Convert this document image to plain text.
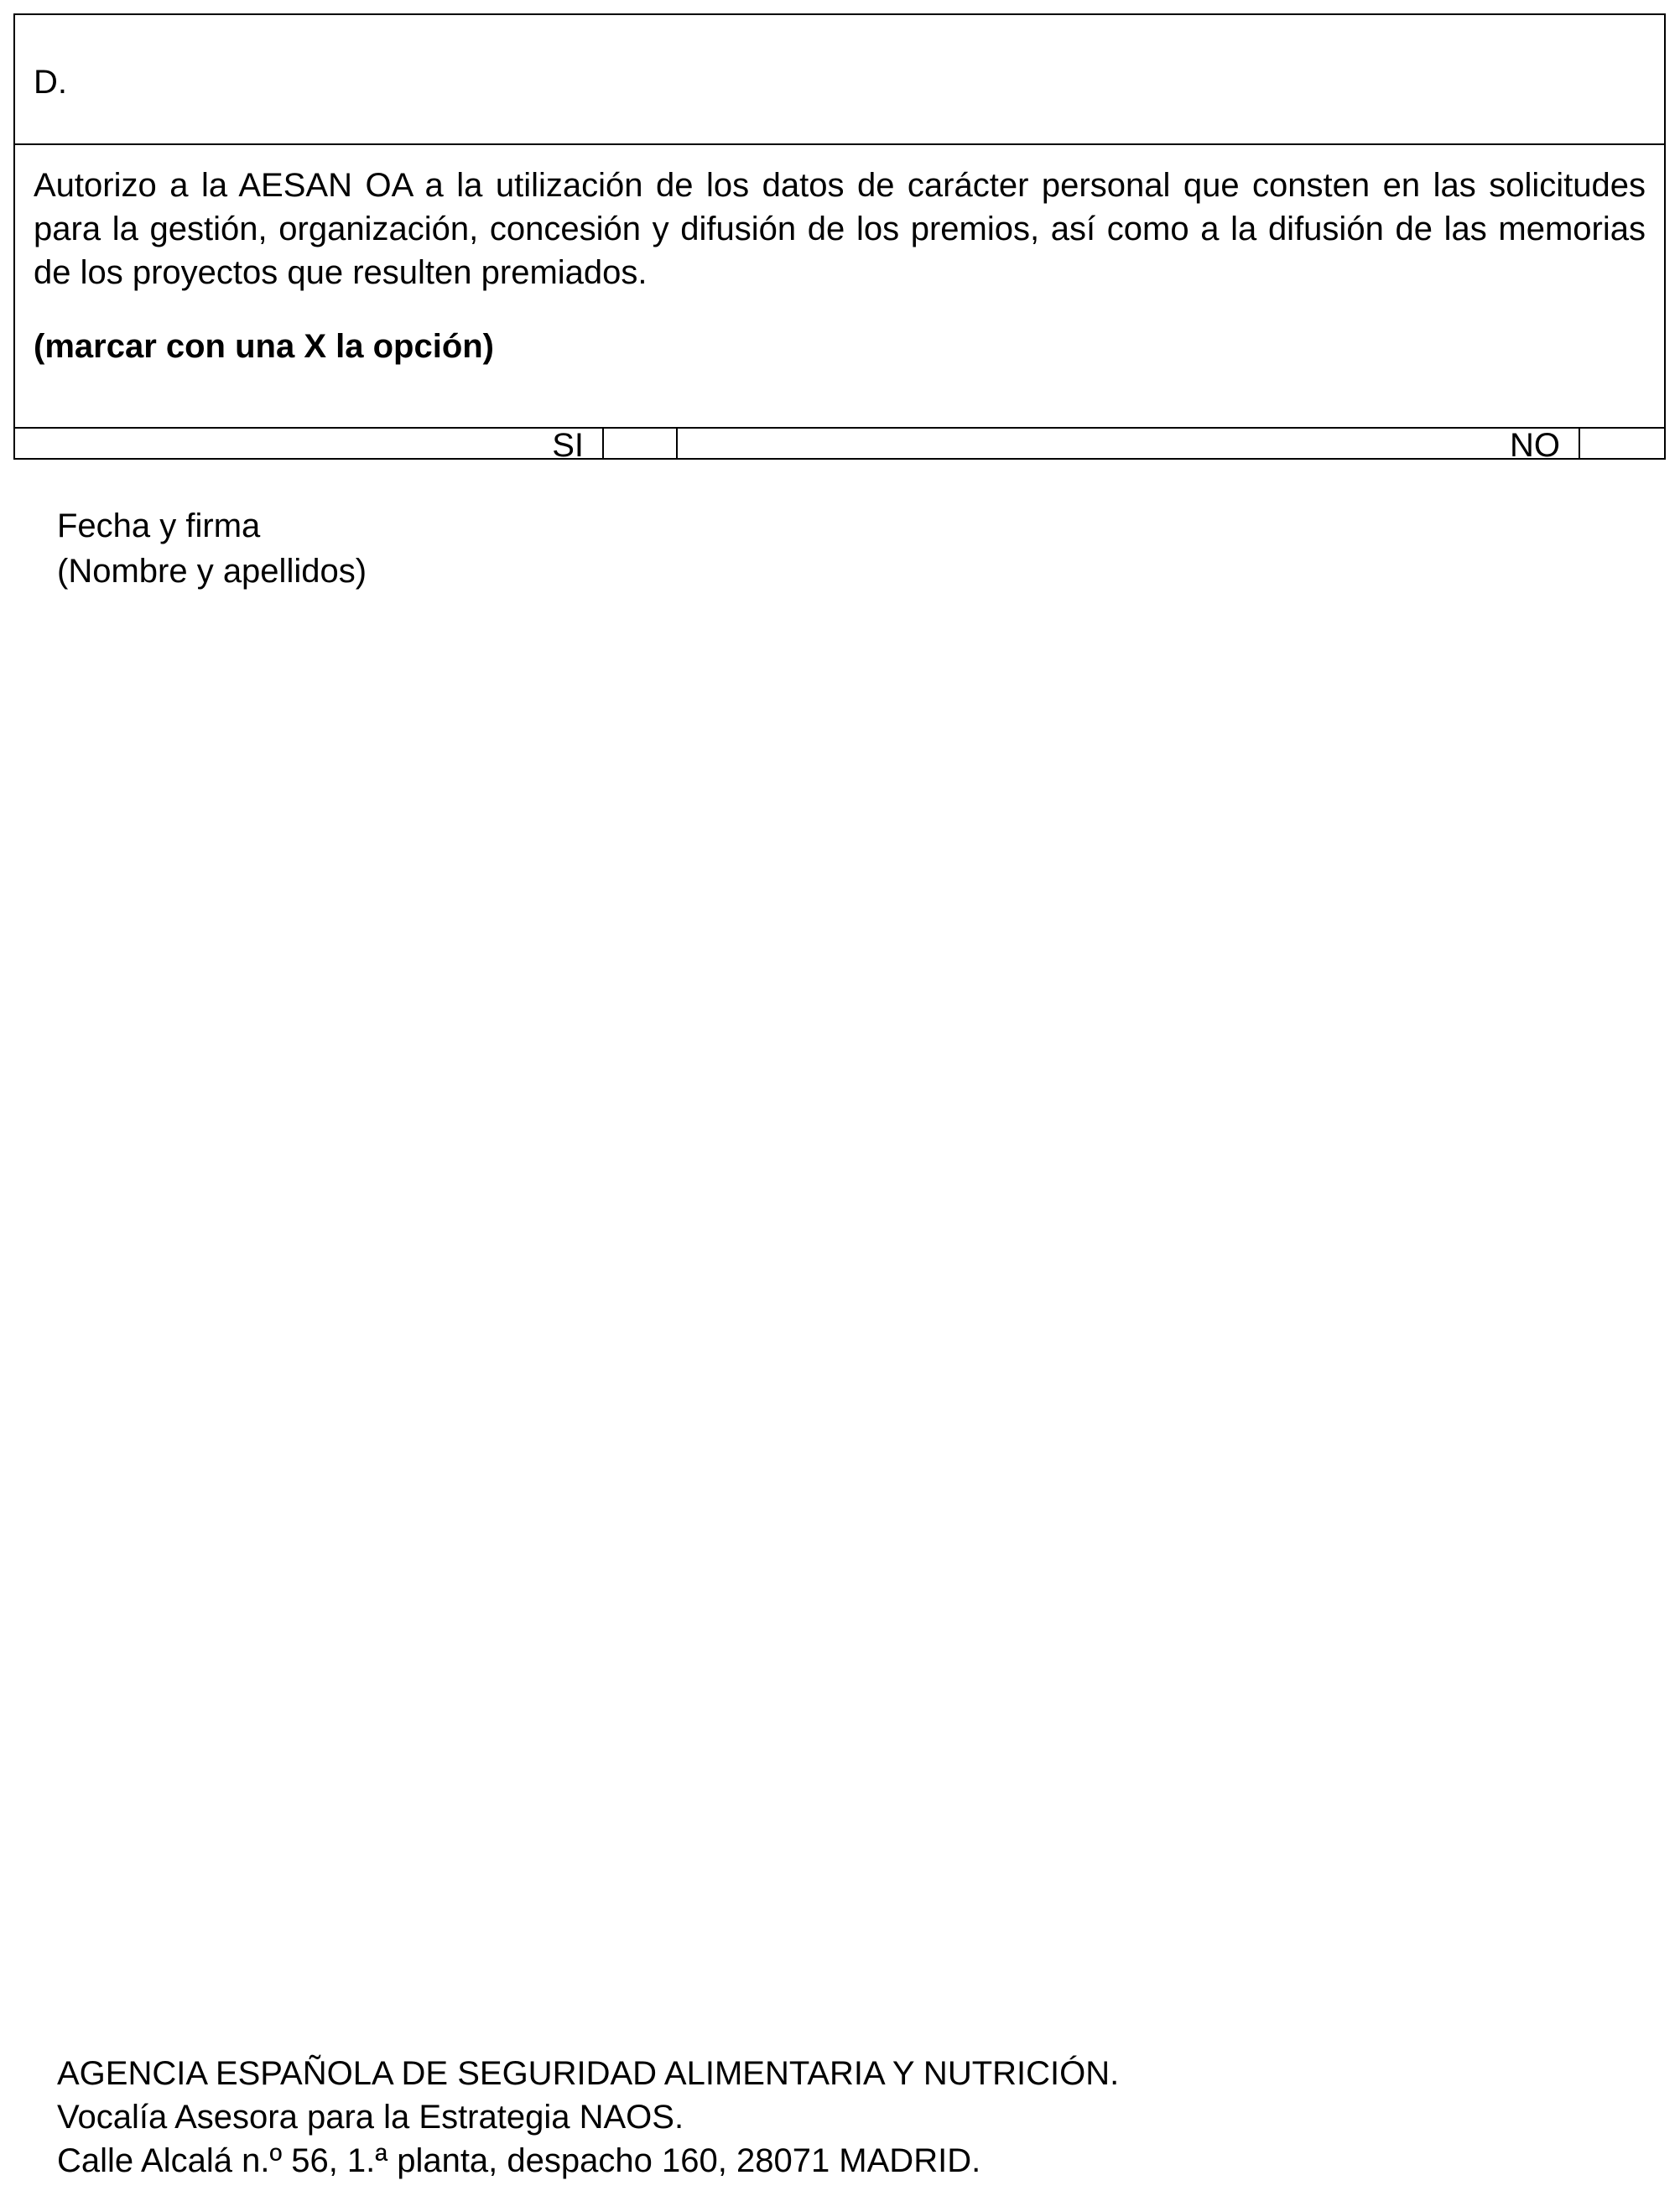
D.
Autorizo a la AESAN OA a la utilización de los datos de carácter personal que consten en las solicitudes para la gestión, organización, concesión y difusión de los premios, así como a la difusión de las memorias de los proyectos que resulten premiados.
(marcar con una X la opción)
SI	NO
Fecha y firma
(Nombre y apellidos)
AGENCIA ESPAÑOLA DE SEGURIDAD ALIMENTARIA Y NUTRICIÓN.
Vocalía Asesora para la Estrategia NAOS.
Calle Alcalá n.º 56, 1.ª planta, despacho 160, 28071 MADRID.
